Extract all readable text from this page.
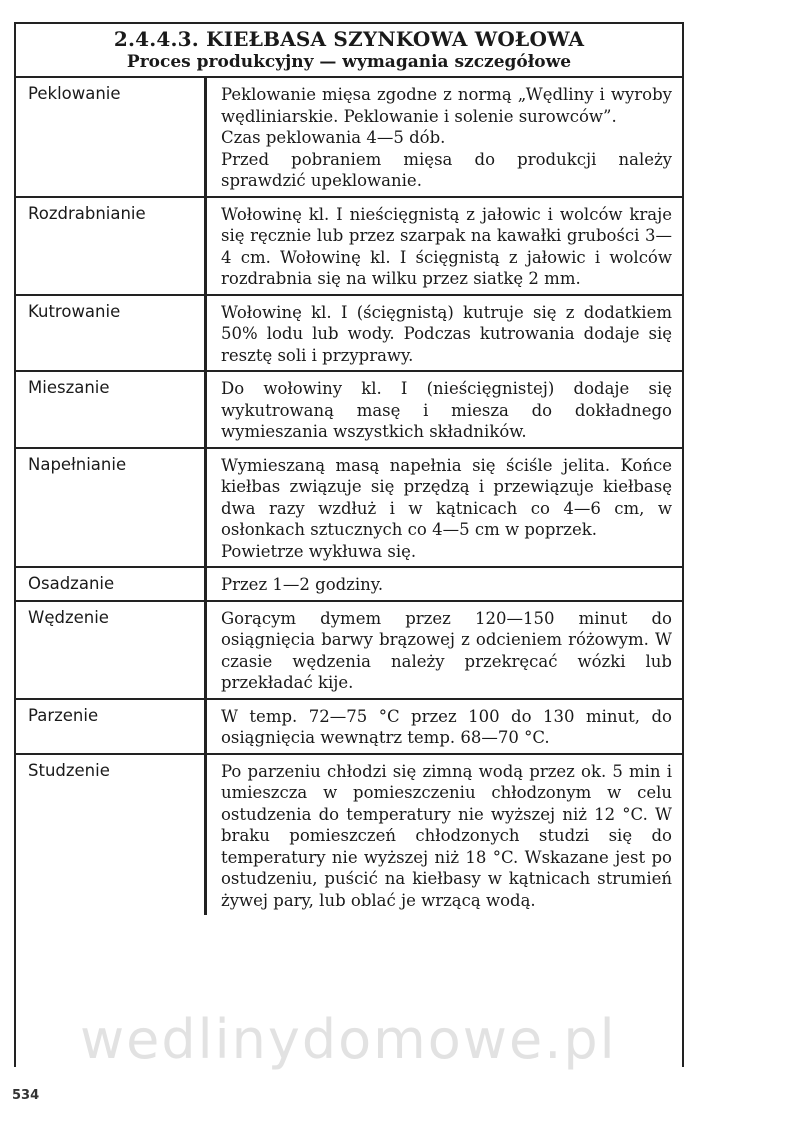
2.4.4.3. KIEŁBASA SZYNKOWA WOŁOWA
Proces produkcyjny — wymagania szczegółowe
Peklowanie	Peklowanie mięsa zgodne z normą „Wędliny i wyroby wędliniarskie. Peklowanie i solenie surowców”.

Czas peklowania 4—5 dób.

Przed pobraniem mięsa do produkcji należy sprawdzić upeklowanie.

Rozdrabnianie	Wołowinę kl. I nieścięgnistą z jałowic i wolców kraje się ręcznie lub przez szarpak na kawałki grubości 3—4 cm. Wołowinę kl. I ścięgnistą z jałowic i wolców rozdrabnia się na wilku przez siatkę 2 mm.

Kutrowanie	Wołowinę kl. I (ścięgnistą) kutruje się z dodatkiem 50% lodu lub wody. Podczas kutrowania dodaje się resztę soli i przyprawy.

Mieszanie	Do wołowiny kl. I (nieścięgnistej) dodaje się wykutrowaną masę i miesza do dokładnego wymieszania wszystkich składników.

Napełnianie	Wymieszaną masą napełnia się ściśle jelita. Końce kiełbas związuje się przędzą i przewiązuje kiełbasę dwa razy wzdłuż i w kątnicach co 4—6 cm, w osłonkach sztucznych co 4—5 cm w poprzek.

Powietrze wykłuwa się.

Osadzanie	Przez 1—2 godziny.

Wędzenie	Gorącym dymem przez 120—150 minut do osiągnięcia barwy brązowej z odcieniem różowym. W czasie wędzenia należy przekręcać wózki lub przekładać kije.

Parzenie	W temp. 72—75 °C przez 100 do 130 minut, do osiągnięcia wewnątrz temp. 68—70 °C.

Studzenie	Po parzeniu chłodzi się zimną wodą przez ok. 5 min i umieszcza w pomieszczeniu chłodzonym w celu ostudzenia do temperatury nie wyższej niż 12 °C. W braku pomieszczeń chłodzonych studzi się do temperatury nie wyższej niż 18 °C. Wskazane jest po ostudzeniu, puścić na kiełbasy w kątnicach strumień żywej pary, lub oblać je wrzącą wodą.

wedlinydomowe.pl
534
